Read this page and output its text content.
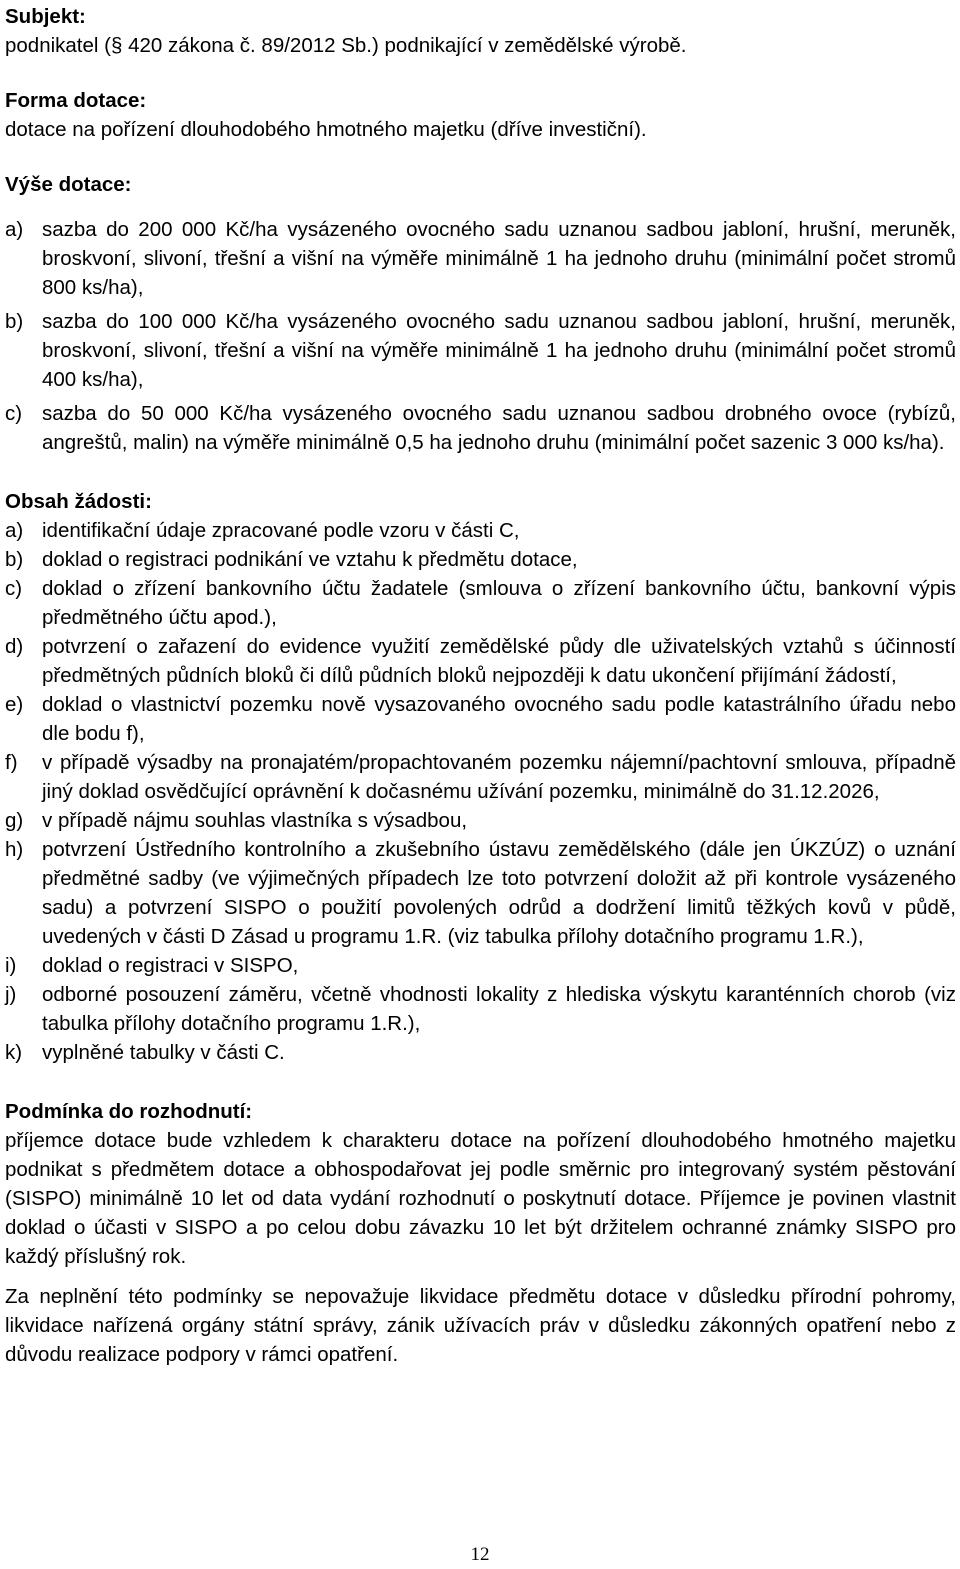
Subjekt:

podnikatel (§ 420 zákona č. 89/2012 Sb.) podnikající v zemědělské výrobě.

Forma dotace:

dotace na pořízení dlouhodobého hmotného majetku (dříve investiční).

Výše dotace:

a) sazba do 200 000 Kč/ha vysázeného ovocného sadu uznanou sadbou jabloní, hrušní, meruněk, broskvoní, slivoní, třešní a višní na výměře minimálně 1 ha jednoho druhu (minimální počet stromů 800 ks/ha),
b) sazba do 100 000 Kč/ha vysázeného ovocného sadu uznanou sadbou jabloní, hrušní, meruněk, broskvoní, slivoní, třešní a višní na výměře minimálně 1 ha jednoho druhu (minimální počet stromů 400 ks/ha),
c) sazba do 50 000 Kč/ha vysázeného ovocného sadu uznanou sadbou drobného ovoce (rybízů, angreštů, malin) na výměře minimálně 0,5 ha jednoho druhu (minimální počet sazenic 3 000 ks/ha).

Obsah žádosti:

a) identifikační údaje zpracované podle vzoru v části C,
b) doklad o registraci podnikání ve vztahu k předmětu dotace,
c) doklad o zřízení bankovního účtu žadatele (smlouva o zřízení bankovního účtu, bankovní výpis předmětného účtu apod.),
d) potvrzení o zařazení do evidence využití zemědělské půdy dle uživatelských vztahů s účinností předmětných půdních bloků či dílů půdních bloků nejpozději k datu ukončení přijímání žádostí,
e) doklad o vlastnictví pozemku nově vysazovaného ovocného sadu podle katastrálního úřadu nebo dle bodu f),
f) v případě výsadby na pronajatém/propachtovaném pozemku nájemní/pachtovní smlouva, případně jiný doklad osvědčující oprávnění k dočasnému užívání pozemku, minimálně do 31.12.2026,
g) v případě nájmu souhlas vlastníka s výsadbou,
h) potvrzení Ústředního kontrolního a zkušebního ústavu zemědělského (dále jen ÚKZÚZ) o uznání předmětné sadby (ve výjimečných případech lze toto potvrzení doložit až při kontrole vysázeného sadu) a potvrzení SISPO o použití povolených odrůd a dodržení limitů těžkých kovů v půdě, uvedených v části D Zásad u programu 1.R. (viz tabulka přílohy dotačního programu 1.R.),
i) doklad o registraci v SISPO,
j) odborné posouzení záměru, včetně vhodnosti lokality z hlediska výskytu karanténních chorob (viz tabulka přílohy dotačního programu 1.R.),
k) vyplněné tabulky v části C.

Podmínka do rozhodnutí:

příjemce dotace bude vzhledem k charakteru dotace na pořízení dlouhodobého hmotného majetku podnikat s předmětem dotace a obhospodařovat jej podle směrnic pro integrovaný systém pěstování (SISPO) minimálně 10 let od data vydání rozhodnutí o poskytnutí dotace. Příjemce je povinen vlastnit doklad o účasti v SISPO a po celou dobu závazku 10 let být držitelem ochranné známky SISPO pro každý příslušný rok.

Za neplnění této podmínky se nepovažuje likvidace předmětu dotace v důsledku přírodní pohromy, likvidace nařízená orgány státní správy, zánik užívacích práv v důsledku zákonných opatření nebo z důvodu realizace podpory v rámci opatření.

12
